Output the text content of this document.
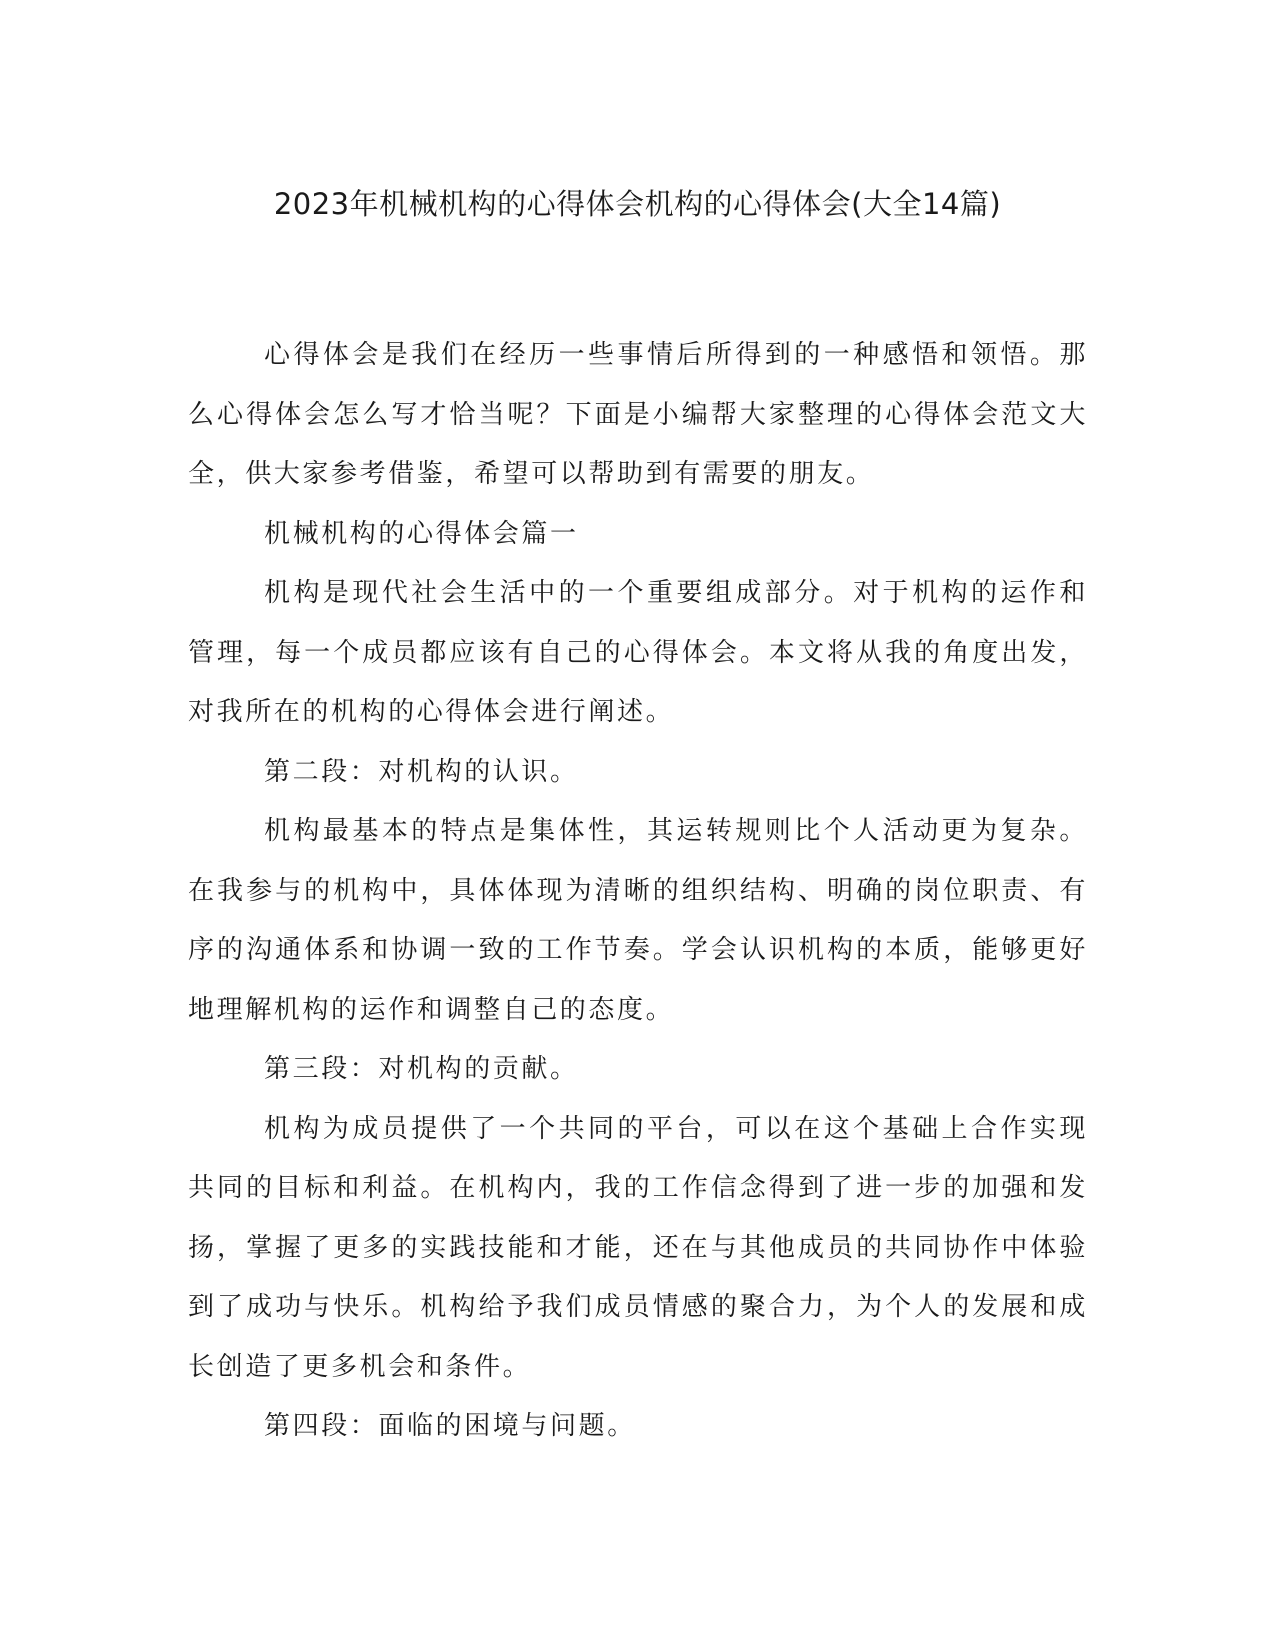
2023年机械机构的心得体会机构的心得体会(大全14篇)

心得体会是我们在经历一些事情后所得到的一种感悟和领悟。那么心得体会怎么写才恰当呢？下面是小编帮大家整理的心得体会范文大全，供大家参考借鉴，希望可以帮助到有需要的朋友。

机械机构的心得体会篇一

机构是现代社会生活中的一个重要组成部分。对于机构的运作和管理，每一个成员都应该有自己的心得体会。本文将从我的角度出发，对我所在的机构的心得体会进行阐述。

第二段：对机构的认识。

机构最基本的特点是集体性，其运转规则比个人活动更为复杂。在我参与的机构中，具体体现为清晰的组织结构、明确的岗位职责、有序的沟通体系和协调一致的工作节奏。学会认识机构的本质，能够更好地理解机构的运作和调整自己的态度。

第三段：对机构的贡献。

机构为成员提供了一个共同的平台，可以在这个基础上合作实现共同的目标和利益。在机构内，我的工作信念得到了进一步的加强和发扬，掌握了更多的实践技能和才能，还在与其他成员的共同协作中体验到了成功与快乐。机构给予我们成员情感的聚合力，为个人的发展和成长创造了更多机会和条件。

第四段：面临的困境与问题。
